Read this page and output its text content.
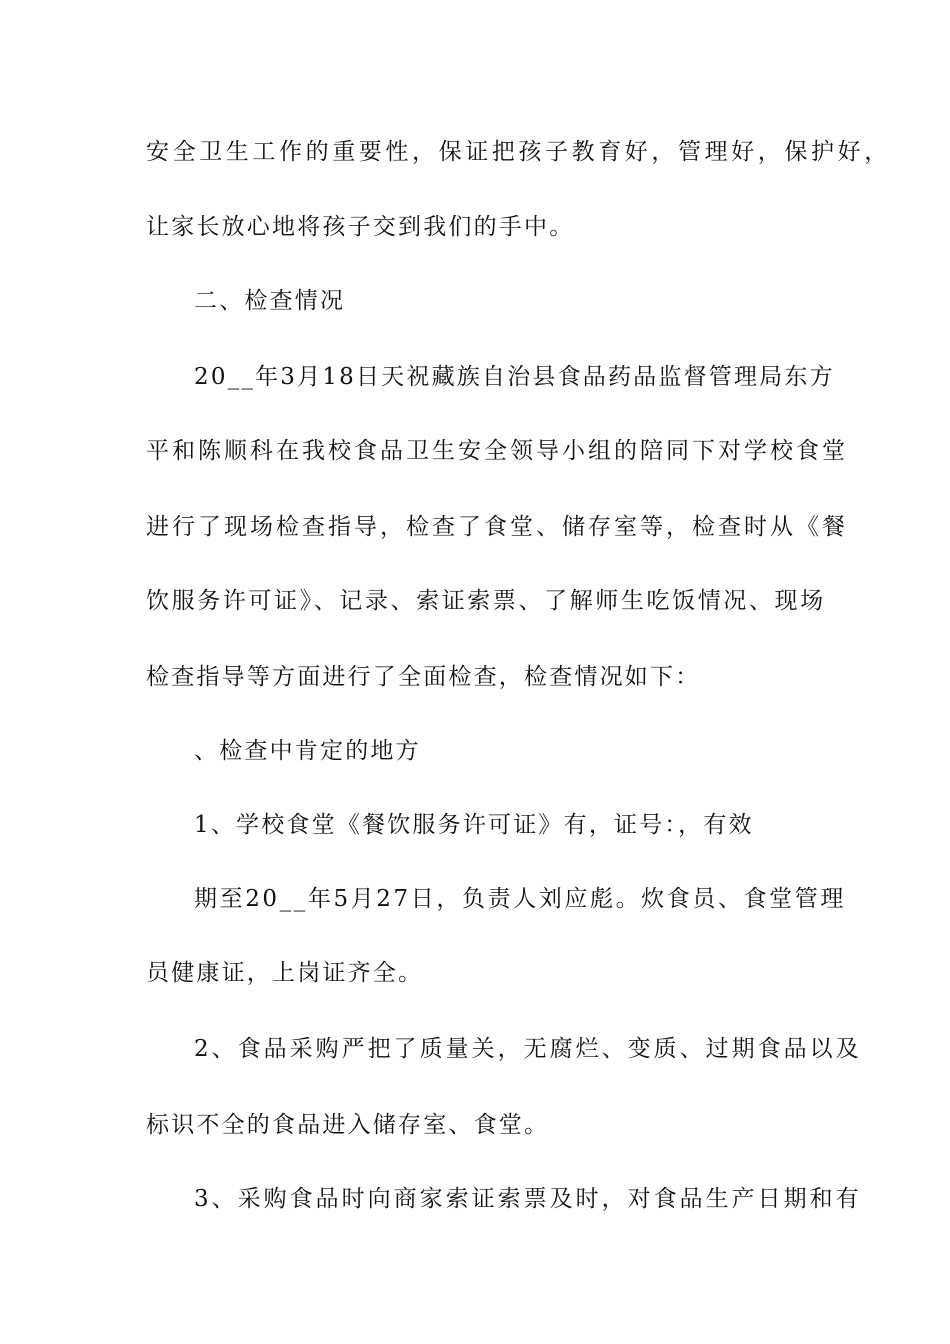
安全卫生工作的重要性，保证把孩子教育好，管理好，保护好，
让家长放心地将孩子交到我们的手中。
二、检查情况
20__年3月18日天祝藏族自治县食品药品监督管理局东方
平和陈顺科在我校食品卫生安全领导小组的陪同下对学校食堂
进行了现场检查指导，检查了食堂、储存室等，检查时从《餐
饮服务许可证》、记录、索证索票、了解师生吃饭情况、现场
检查指导等方面进行了全面检查，检查情况如下：
、检查中肯定的地方
1、学校食堂《餐饮服务许可证》有，证号：，有效
期至20__年5月27日，负责人刘应彪。炊食员、食堂管理
员健康证，上岗证齐全。
2、食品采购严把了质量关，无腐烂、变质、过期食品以及
标识不全的食品进入储存室、食堂。
3、采购食品时向商家索证索票及时，对食品生产日期和有
